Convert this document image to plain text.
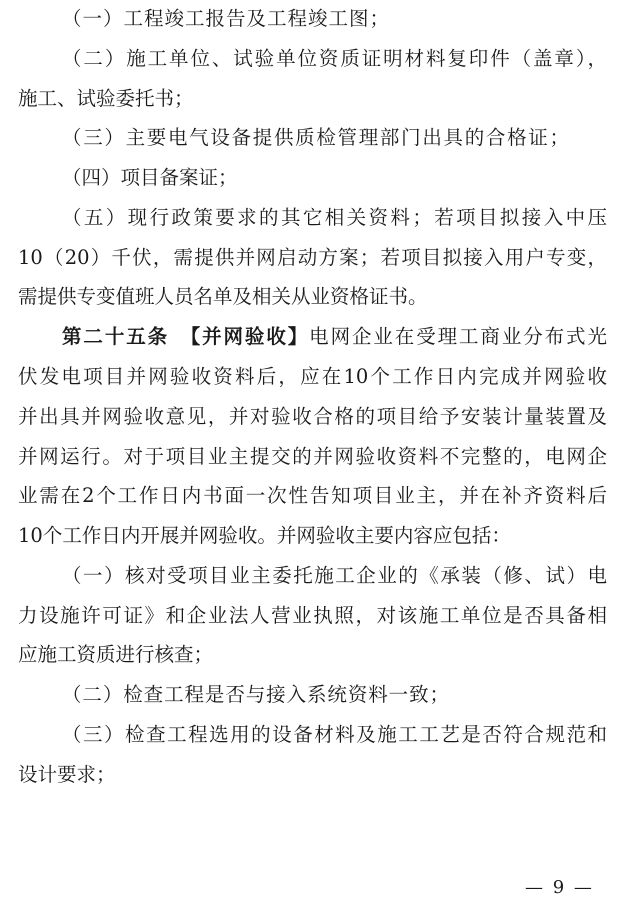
（一）工程竣工报告及工程竣工图；
（二）施工单位、试验单位资质证明材料复印件（盖章），
施工、试验委托书；
（三）主要电气设备提供质检管理部门出具的合格证；
（四）项目备案证；
（五）现行政策要求的其它相关资料；若项目拟接入中压
10（20）千伏，需提供并网启动方案；若项目拟接入用户专变，
需提供专变值班人员名单及相关从业资格证书。
第二十五条  【并网验收】电网企业在受理工商业分布式光
伏发电项目并网验收资料后，应在10个工作日内完成并网验收
并出具并网验收意见，并对验收合格的项目给予安装计量装置及
并网运行。对于项目业主提交的并网验收资料不完整的，电网企
业需在2个工作日内书面一次性告知项目业主，并在补齐资料后
10个工作日内开展并网验收。并网验收主要内容应包括：
（一）核对受项目业主委托施工企业的《承装（修、试）电
力设施许可证》和企业法人营业执照，对该施工单位是否具备相
应施工资质进行核查；
（二）检查工程是否与接入系统资料一致；
（三）检查工程选用的设备材料及施工工艺是否符合规范和
设计要求；
— 9 —
